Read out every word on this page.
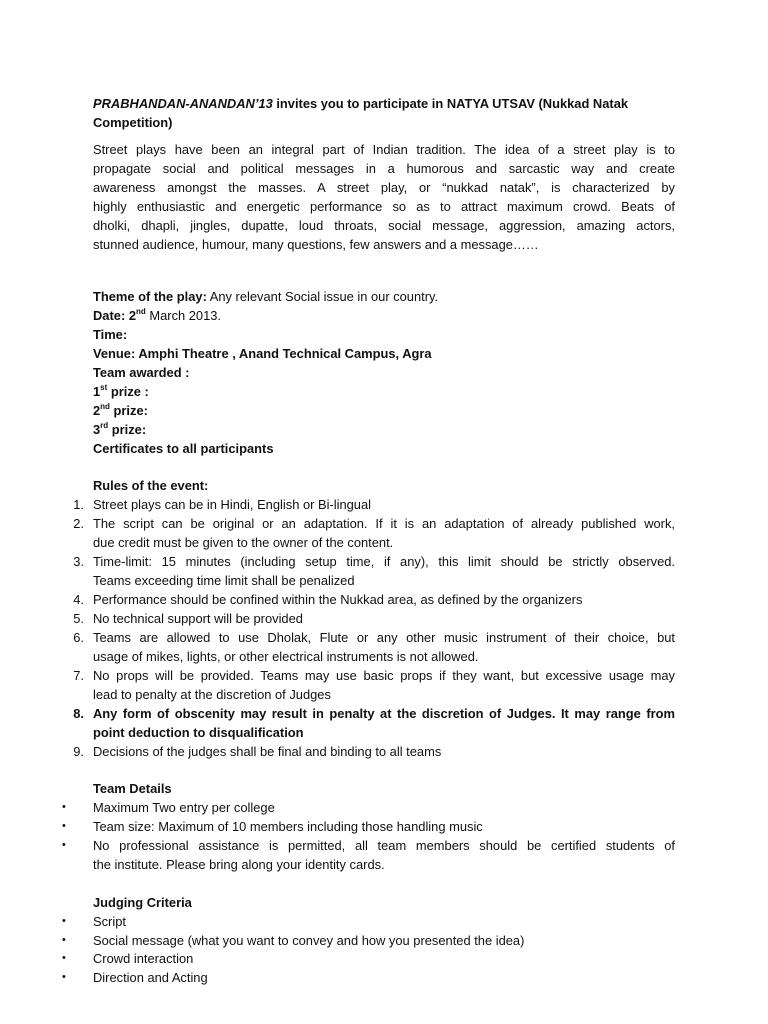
PRABHANDAN-ANANDAN’13 invites you to participate in NATYA UTSAV (Nukkad Natak
Competition)
Street plays have been an integral part of Indian tradition. The idea of a street play is to
propagate social and political messages in a humorous and sarcastic way and create
awareness amongst the masses. A street play, or “nukkad natak”, is characterized by
highly enthusiastic and energetic performance so as to attract maximum crowd. Beats of
dholki, dhapli, jingles, dupatte, loud throats, social message, aggression, amazing actors,
stunned audience, humour, many questions, few answers and a message……
Theme of the play: Any relevant Social issue in our country.
Date: 2nd March 2013.
Time:
Venue: Amphi Theatre , Anand Technical Campus, Agra
Team awarded :
1st prize :
2nd prize:
3rd prize:
Certificates to all participants
Rules of the event:
1. Street plays can be in Hindi, English or Bi-lingual
2. The script can be original or an adaptation. If it is an adaptation of already published work,
due credit must be given to the owner of the content.
3. Time-limit: 15 minutes (including setup time, if any), this limit should be strictly observed.
Teams exceeding time limit shall be penalized
4. Performance should be confined within the Nukkad area, as defined by the organizers
5. No technical support will be provided
6. Teams are allowed to use Dholak, Flute or any other music instrument of their choice, but
usage of mikes, lights, or other electrical instruments is not allowed.
7. No props will be provided. Teams may use basic props if they want, but excessive usage may
lead to penalty at the discretion of Judges
8. Any form of obscenity may result in penalty at the discretion of Judges. It may range from
point deduction to disqualification
9. Decisions of the judges shall be final and binding to all teams
Team Details
• Maximum Two entry per college
• Team size: Maximum of 10 members including those handling music
• No professional assistance is permitted, all team members should be certified students of
the institute. Please bring along your identity cards.
Judging Criteria
• Script
• Social message (what you want to convey and how you presented the idea)
• Crowd interaction
• Direction and Acting
